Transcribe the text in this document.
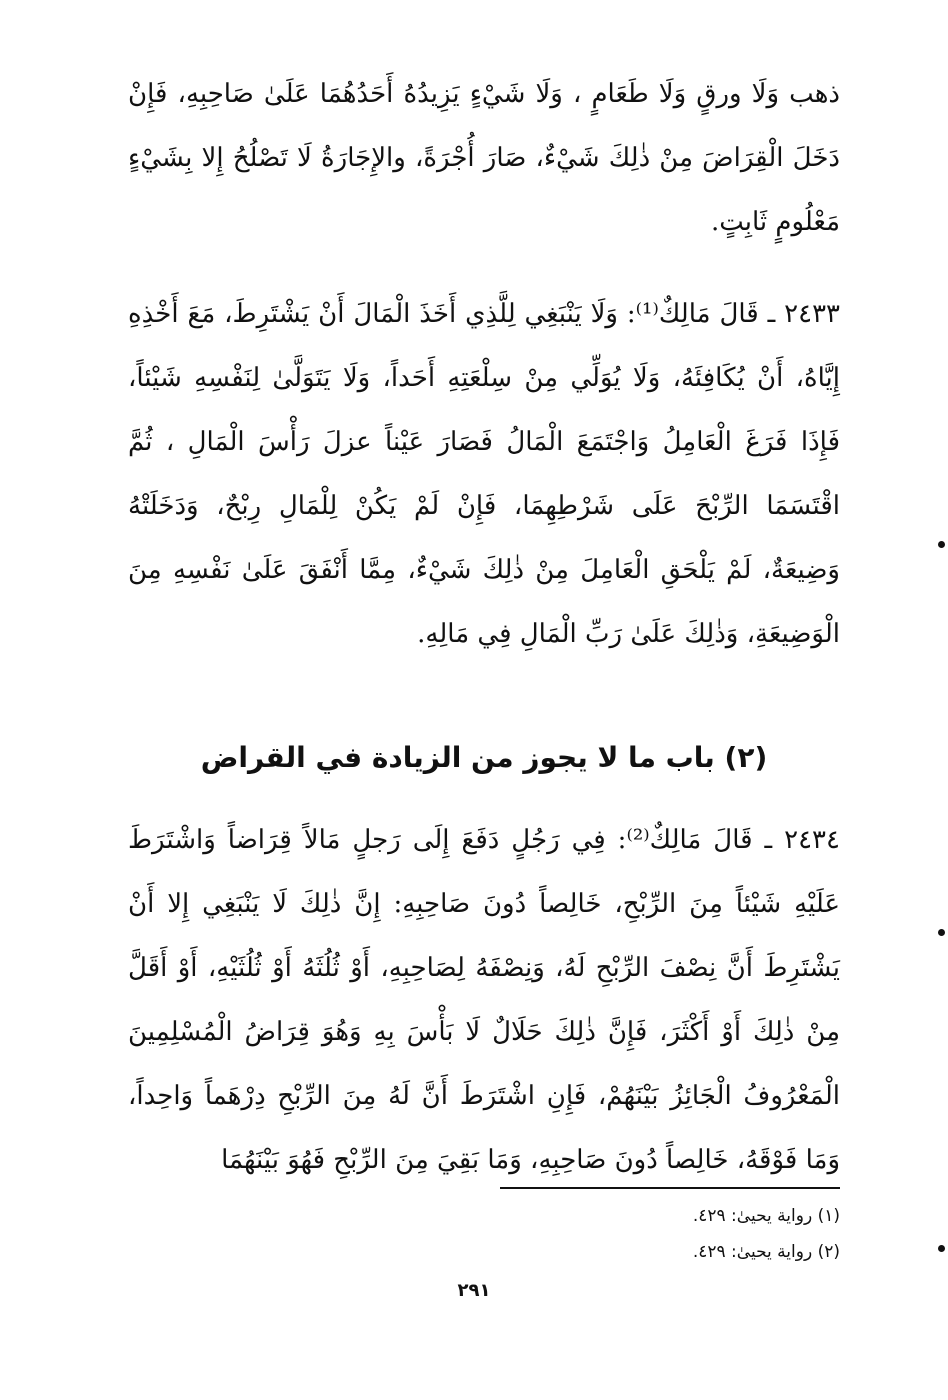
ذهب وَلَا ورقٍ وَلَا طَعَامٍ ، وَلَا شَيْءٍ يَزِيدُهُ أَحَدُهُمَا عَلَىٰ صَاحِبِهِ، فَإِنْ دَخَلَ الْقِرَاضَ مِنْ ذٰلِكَ شَيْءٌ، صَارَ أُجْرَةً، والإِجَارَةُ لَا تَصْلُحُ إِلا بِشَيْءٍ مَعْلُومٍ ثَابِتٍ.

٢٤٣٣ ـ قَالَ مَالِكٌ⁽¹⁾: وَلَا يَنْبَغِي لِلَّذِي أَخَذَ الْمَالَ أَنْ يَشْتَرِطَ، مَعَ أَخْذِهِ إِيَّاهُ، أَنْ يُكَافِئَهُ، وَلَا يُوَلِّي مِنْ سِلْعَتِهِ أَحَداً، وَلَا يَتَوَلَّىٰ لِنَفْسِهِ شَيْئاً، فَإِذَا فَرَغَ الْعَامِلُ وَاجْتَمَعَ الْمَالُ فَصَارَ عَيْناً عزلَ رَأْسَ الْمَالِ ، ثُمَّ اقْتَسَمَا الرِّبْحَ عَلَى شَرْطِهِمَا، فَإِنْ لَمْ يَكُنْ لِلْمَالِ رِبْحٌ، وَدَخَلَتْهُ وَضِيعَةٌ، لَمْ يَلْحَقِ الْعَامِلَ مِنْ ذٰلِكَ شَيْءٌ، مِمَّا أَنْفَقَ عَلَىٰ نَفْسِهِ مِنَ الْوَضِيعَةِ، وَذٰلِكَ عَلَىٰ رَبِّ الْمَالِ فِي مَالِهِ.

(٢) باب ما لا يجوز من الزيادة في القراض

٢٤٣٤ ـ قَالَ مَالِكٌ⁽²⁾: فِي رَجُلٍ دَفَعَ إِلَى رَجلٍ مَالاً قِرَاضاً وَاشْتَرَطَ عَلَيْهِ شَيْئاً مِنَ الرِّبْحِ، خَالِصاً دُونَ صَاحِبِهِ: إِنَّ ذٰلِكَ لَا يَنْبَغِي إِلا أَنْ يَشْتَرِطَ أَنَّ نِصْفَ الرِّبْحِ لَهُ، وَنِصْفَهُ لِصَاحِبِهِ، أَوْ ثُلُثَهُ أَوْ ثُلُثَيْهِ، أَوْ أَقَلَّ مِنْ ذٰلِكَ أَوْ أَكْثَرَ، فَإِنَّ ذٰلِكَ حَلَالٌ لَا بَأْسَ بِهِ وَهُوَ قِرَاضُ الْمُسْلِمِينَ الْمَعْرُوفُ الْجَائِزُ بَيْنَهُمْ، فَإِنِ اشْتَرَطَ أَنَّ لَهُ مِنَ الرِّبْحِ دِرْهَماً وَاحِداً، وَمَا فَوْقَهُ، خَالِصاً دُونَ صَاحِبِهِ، وَمَا بَقِيَ مِنَ الرِّبْحِ فَهُوَ بَيْنَهُمَا

(١) رواية يحيىٰ: ٤٢٩.

(٢) رواية يحيىٰ: ٤٢٩.

٢٩١
